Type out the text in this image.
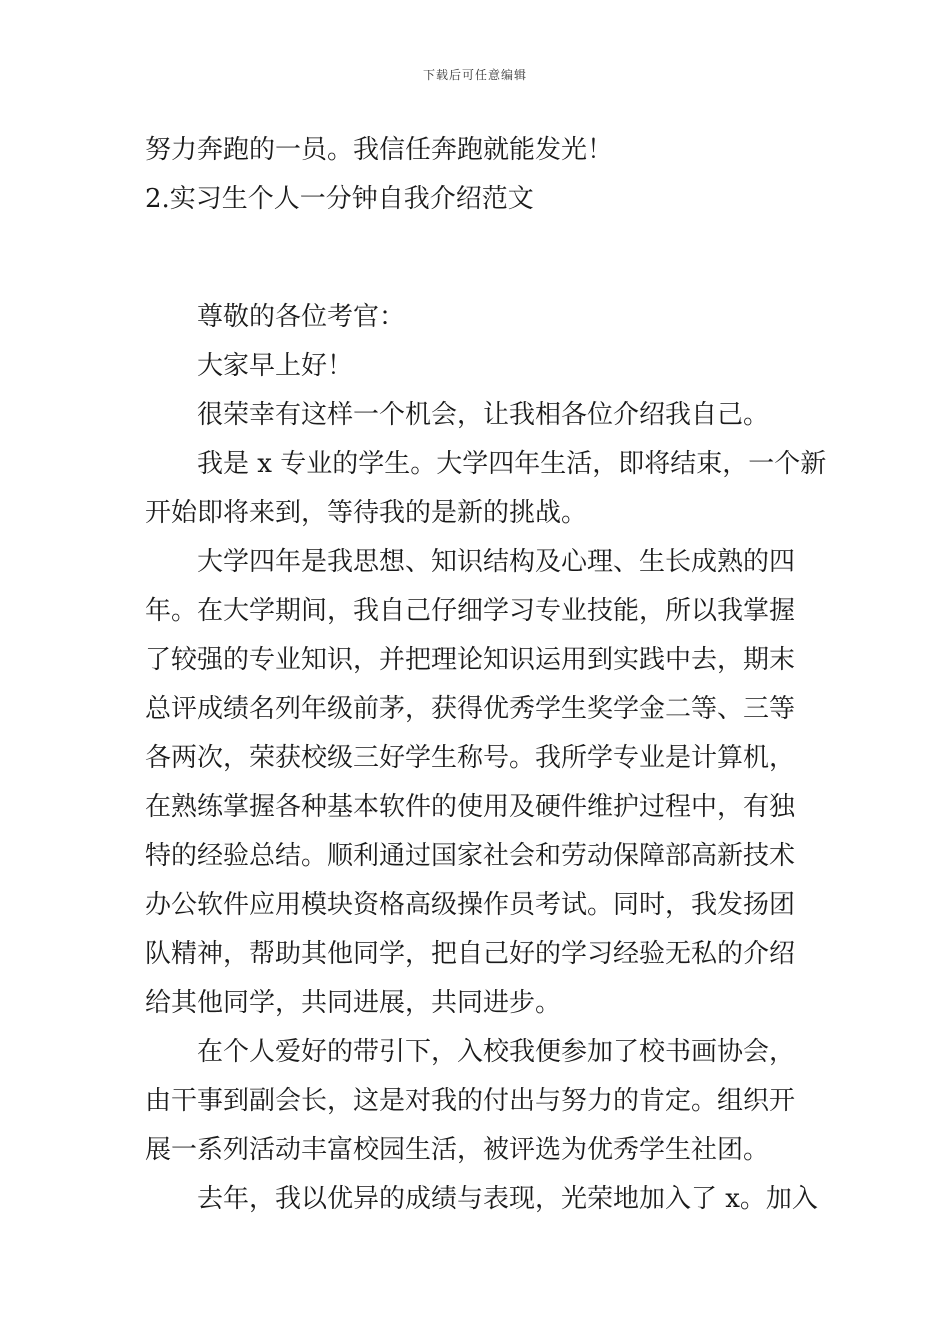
下载后可任意编辑
努力奔跑的一员。我信任奔跑就能发光！
2.实习生个人一分钟自我介绍范文
尊敬的各位考官：
大家早上好！
很荣幸有这样一个机会，让我相各位介绍我自己。
我是 x 专业的学生。大学四年生活，即将结束，一个新
开始即将来到，等待我的是新的挑战。
大学四年是我思想、知识结构及心理、生长成熟的四
年。在大学期间，我自己仔细学习专业技能，所以我掌握
了较强的专业知识，并把理论知识运用到实践中去，期末
总评成绩名列年级前茅，获得优秀学生奖学金二等、三等
各两次，荣获校级三好学生称号。我所学专业是计算机，
在熟练掌握各种基本软件的使用及硬件维护过程中，有独
特的经验总结。顺利通过国家社会和劳动保障部高新技术
办公软件应用模块资格高级操作员考试。同时，我发扬团
队精神，帮助其他同学，把自己好的学习经验无私的介绍
给其他同学，共同进展，共同进步。
在个人爱好的带引下，入校我便参加了校书画协会，
由干事到副会长，这是对我的付出与努力的肯定。组织开
展一系列活动丰富校园生活，被评选为优秀学生社团。
去年，我以优异的成绩与表现，光荣地加入了 x。加入
